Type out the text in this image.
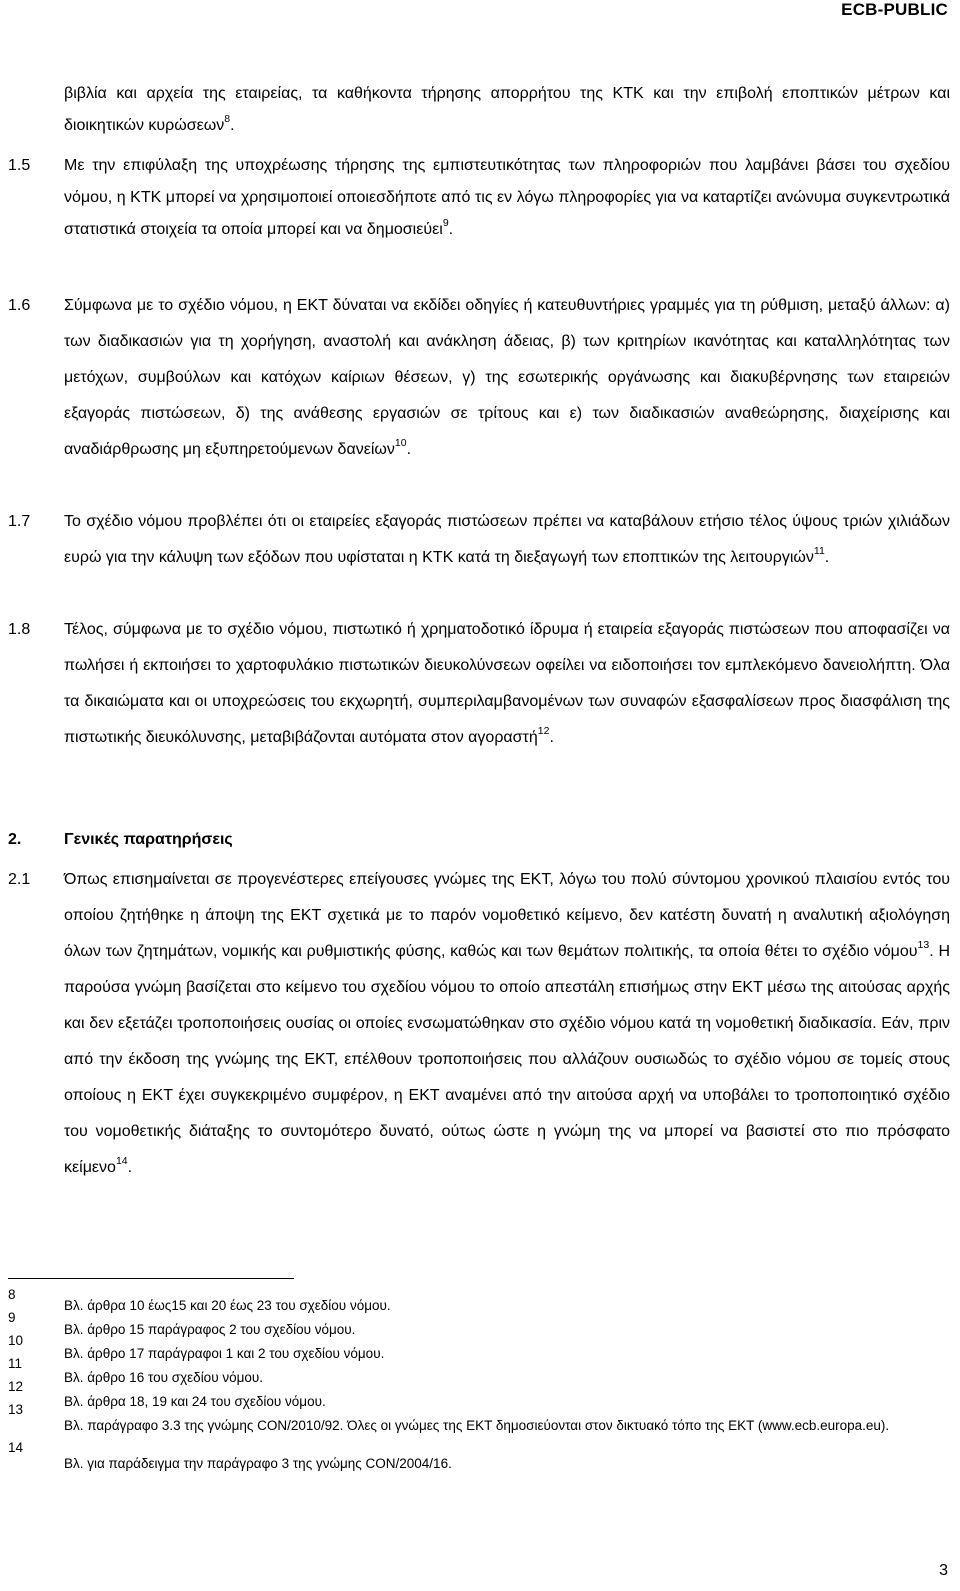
ECB-PUBLIC
βιβλία και αρχεία της εταιρείας, τα καθήκοντα τήρησης απορρήτου της ΚΤΚ και την επιβολή εποπτικών μέτρων και διοικητικών κυρώσεων$^8$.
1.5 Με την επιφύλαξη της υποχρέωσης τήρησης της εμπιστευτικότητας των πληροφοριών που λαμβάνει βάσει του σχεδίου νόμου, η ΚΤΚ μπορεί να χρησιμοποιεί οποιεσδήποτε από τις εν λόγω πληροφορίες για να καταρτίζει ανώνυμα συγκεντρωτικά στατιστικά στοιχεία τα οποία μπορεί και να δημοσιεύει$^9$.
1.6 Σύμφωνα με το σχέδιο νόμου, η ΕΚΤ δύναται να εκδίδει οδηγίες ή κατευθυντήριες γραμμές για τη ρύθμιση, μεταξύ άλλων: α) των διαδικασιών για τη χορήγηση, αναστολή και ανάκληση άδειας, β) των κριτηρίων ικανότητας και καταλληλότητας των μετόχων, συμβούλων και κατόχων καίριων θέσεων, γ) της εσωτερικής οργάνωσης και διακυβέρνησης των εταιρειών εξαγοράς πιστώσεων, δ) της ανάθεσης εργασιών σε τρίτους και ε) των διαδικασιών αναθεώρησης, διαχείρισης και αναδιάρθρωσης μη εξυπηρετούμενων δανείων$^{10}$.
1.7 Το σχέδιο νόμου προβλέπει ότι οι εταιρείες εξαγοράς πιστώσεων πρέπει να καταβάλουν ετήσιο τέλος ύψους τριών χιλιάδων ευρώ για την κάλυψη των εξόδων που υφίσταται η ΚΤΚ κατά τη διεξαγωγή των εποπτικών της λειτουργιών$^{11}$.
1.8 Τέλος, σύμφωνα με το σχέδιο νόμου, πιστωτικό ή χρηματοδοτικό ίδρυμα ή εταιρεία εξαγοράς πιστώσεων που αποφασίζει να πωλήσει ή εκποιήσει το χαρτοφυλάκιο πιστωτικών διευκολύνσεων οφείλει να ειδοποιήσει τον εμπλεκόμενο δανειολήπτη. Όλα τα δικαιώματα και οι υποχρεώσεις του εκχωρητή, συμπεριλαμβανομένων των συναφών εξασφαλίσεων προς διασφάλιση της πιστωτικής διευκόλυνσης, μεταβιβάζονται αυτόματα στον αγοραστή$^{12}$.
2.	Γενικές παρατηρήσεις
2.1 Όπως επισημαίνεται σε προγενέστερες επείγουσες γνώμες της ΕΚΤ, λόγω του πολύ σύντομου χρονικού πλαισίου εντός του οποίου ζητήθηκε η άποψη της ΕΚΤ σχετικά με το παρόν νομοθετικό κείμενο, δεν κατέστη δυνατή η αναλυτική αξιολόγηση όλων των ζητημάτων, νομικής και ρυθμιστικής φύσης, καθώς και των θεμάτων πολιτικής, τα οποία θέτει το σχέδιο νόμου$^{13}$. Η παρούσα γνώμη βασίζεται στο κείμενο του σχεδίου νόμου το οποίο απεστάλη επισήμως στην ΕΚΤ μέσω της αιτούσας αρχής και δεν εξετάζει τροποποιήσεις ουσίας οι οποίες ενσωματώθηκαν στο σχέδιο νόμου κατά τη νομοθετική διαδικασία. Εάν, πριν από την έκδοση της γνώμης της ΕΚΤ, επέλθουν τροποποιήσεις που αλλάζουν ουσιωδώς το σχέδιο νόμου σε τομείς στους οποίους η ΕΚΤ έχει συγκεκριμένο συμφέρον, η ΕΚΤ αναμένει από την αιτούσα αρχή να υποβάλει το τροποποιητικό σχέδιο του νομοθετικής διάταξης το συντομότερο δυνατό, ούτως ώστε η γνώμη της να μπορεί να βασιστεί στο πιο πρόσφατο κείμενο$^{14}$.
8
Βλ. άρθρα 10 έως15 και 20 έως 23 του σχεδίου νόμου.
9
Βλ. άρθρο 15 παράγραφος 2 του σχεδίου νόμου.
10
Βλ. άρθρο 17 παράγραφοι 1 και 2 του σχεδίου νόμου.
11
Βλ. άρθρο 16 του σχεδίου νόμου.
12
Βλ. άρθρα 18, 19 και 24 του σχεδίου νόμου.
13
Βλ. παράγραφο 3.3 της γνώμης CON/2010/92. Όλες οι γνώμες της ΕΚΤ δημοσιεύονται στον δικτυακό τόπο της ΕΚΤ (www.ecb.europa.eu).
14
Βλ. για παράδειγμα την παράγραφο 3 της γνώμης CON/2004/16.
3
